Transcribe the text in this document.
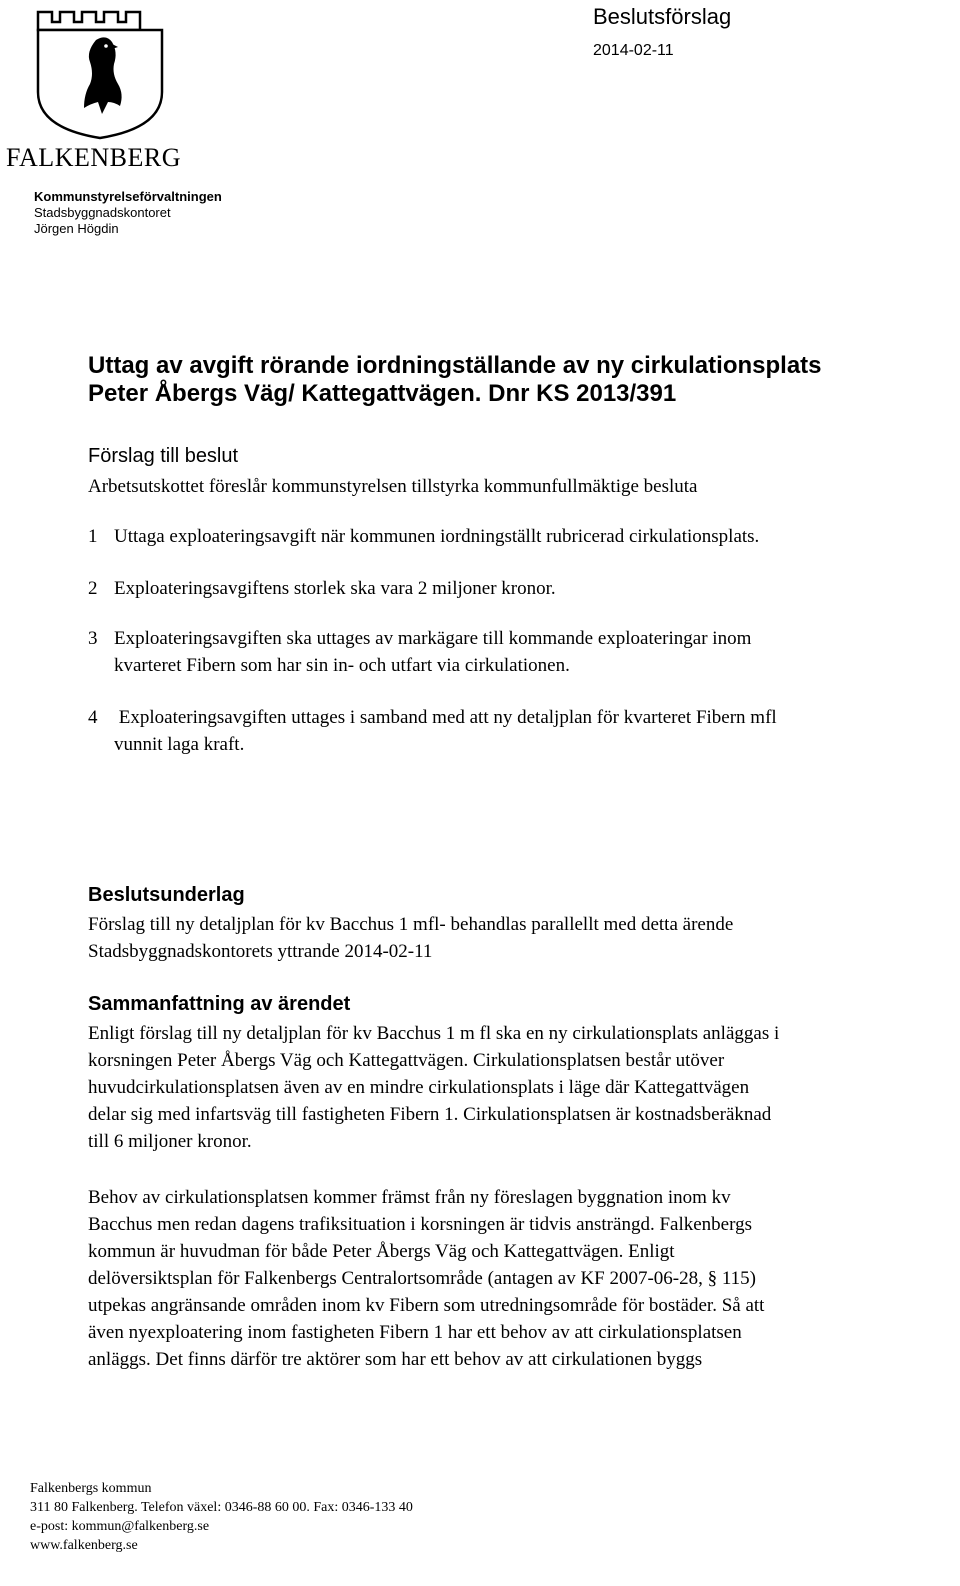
FALKENBERG
Kommunstyrelseförvaltningen
Stadsbyggnadskontoret
Jörgen Högdin
Beslutsförslag
2014-02-11
Uttag av avgift rörande iordningställande av ny cirkulationsplats
Peter Åbergs Väg/ Kattegattvägen. Dnr KS 2013/391
Förslag till beslut
Arbetsutskottet föreslår kommunstyrelsen tillstyrka kommunfullmäktige besluta
1 Uttaga exploateringsavgift när kommunen iordningställt rubricerad cirkulationsplats.
2 Exploateringsavgiftens storlek ska vara 2 miljoner kronor.
3 Exploateringsavgiften ska uttages av markägare till kommande exploateringar inom
kvarteret Fibern som har sin in- och utfart via cirkulationen.
4 Exploateringsavgiften uttages i samband med att ny detaljplan för kvarteret Fibern mfl
vunnit laga kraft.
Beslutsunderlag
Förslag till ny detaljplan för kv Bacchus 1 mfl- behandlas parallellt med detta ärende
Stadsbyggnadskontorets yttrande 2014-02-11
Sammanfattning av ärendet
Enligt förslag till ny detaljplan för kv Bacchus 1 m fl ska en ny cirkulationsplats anläggas i
korsningen Peter Åbergs Väg och Kattegattvägen. Cirkulationsplatsen består utöver
huvudcirkulationsplatsen även av en mindre cirkulationsplats i läge där Kattegattvägen
delar sig med infartsväg till fastigheten Fibern 1. Cirkulationsplatsen är kostnadsberäknad
till 6 miljoner kronor.
Behov av cirkulationsplatsen kommer främst från ny föreslagen byggnation inom kv
Bacchus men redan dagens trafiksituation i korsningen är tidvis ansträngd. Falkenbergs
kommun är huvudman för både Peter Åbergs Väg och Kattegattvägen. Enligt
delöversiktsplan för Falkenbergs Centralortsområde (antagen av KF 2007-06-28, § 115)
utpekas angränsande områden inom kv Fibern som utredningsområde för bostäder. Så att
även nyexploatering inom fastigheten Fibern 1 har ett behov av att cirkulationsplatsen
anläggs. Det finns därför tre aktörer som har ett behov av att cirkulationen byggs
Falkenbergs kommun
311 80 Falkenberg. Telefon växel: 0346-88 60 00. Fax: 0346-133 40
e-post: kommun@falkenberg.se
www.falkenberg.se
